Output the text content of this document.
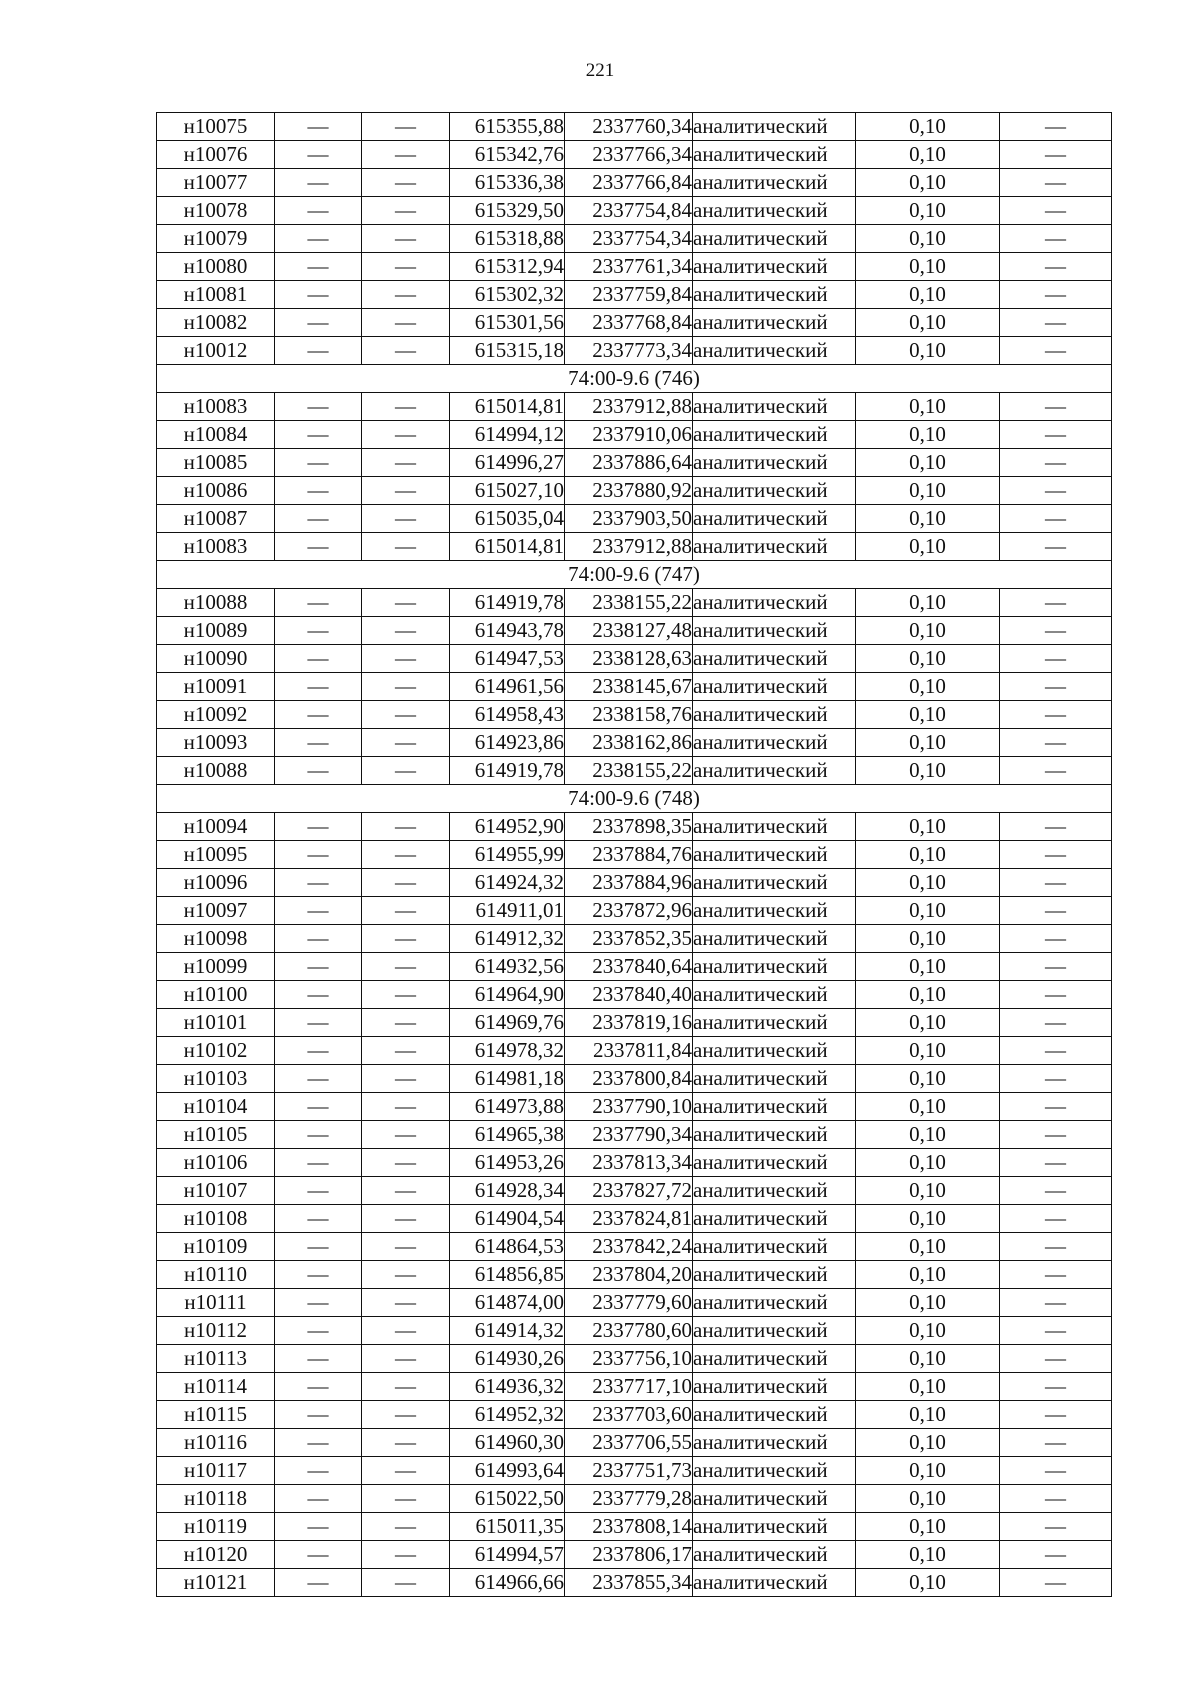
221
н10075	—	—	615355,88	2337760,34	аналитический	0,10	—
н10076	—	—	615342,76	2337766,34	аналитический	0,10	—
н10077	—	—	615336,38	2337766,84	аналитический	0,10	—
н10078	—	—	615329,50	2337754,84	аналитический	0,10	—
н10079	—	—	615318,88	2337754,34	аналитический	0,10	—
н10080	—	—	615312,94	2337761,34	аналитический	0,10	—
н10081	—	—	615302,32	2337759,84	аналитический	0,10	—
н10082	—	—	615301,56	2337768,84	аналитический	0,10	—
н10012	—	—	615315,18	2337773,34	аналитический	0,10	—
74:00-9.6 (746)							
н10083	—	—	615014,81	2337912,88	аналитический	0,10	—
н10084	—	—	614994,12	2337910,06	аналитический	0,10	—
н10085	—	—	614996,27	2337886,64	аналитический	0,10	—
н10086	—	—	615027,10	2337880,92	аналитический	0,10	—
н10087	—	—	615035,04	2337903,50	аналитический	0,10	—
н10083	—	—	615014,81	2337912,88	аналитический	0,10	—
74:00-9.6 (747)							
н10088	—	—	614919,78	2338155,22	аналитический	0,10	—
н10089	—	—	614943,78	2338127,48	аналитический	0,10	—
н10090	—	—	614947,53	2338128,63	аналитический	0,10	—
н10091	—	—	614961,56	2338145,67	аналитический	0,10	—
н10092	—	—	614958,43	2338158,76	аналитический	0,10	—
н10093	—	—	614923,86	2338162,86	аналитический	0,10	—
н10088	—	—	614919,78	2338155,22	аналитический	0,10	—
74:00-9.6 (748)							
н10094	—	—	614952,90	2337898,35	аналитический	0,10	—
н10095	—	—	614955,99	2337884,76	аналитический	0,10	—
н10096	—	—	614924,32	2337884,96	аналитический	0,10	—
н10097	—	—	614911,01	2337872,96	аналитический	0,10	—
н10098	—	—	614912,32	2337852,35	аналитический	0,10	—
н10099	—	—	614932,56	2337840,64	аналитический	0,10	—
н10100	—	—	614964,90	2337840,40	аналитический	0,10	—
н10101	—	—	614969,76	2337819,16	аналитический	0,10	—
н10102	—	—	614978,32	2337811,84	аналитический	0,10	—
н10103	—	—	614981,18	2337800,84	аналитический	0,10	—
н10104	—	—	614973,88	2337790,10	аналитический	0,10	—
н10105	—	—	614965,38	2337790,34	аналитический	0,10	—
н10106	—	—	614953,26	2337813,34	аналитический	0,10	—
н10107	—	—	614928,34	2337827,72	аналитический	0,10	—
н10108	—	—	614904,54	2337824,81	аналитический	0,10	—
н10109	—	—	614864,53	2337842,24	аналитический	0,10	—
н10110	—	—	614856,85	2337804,20	аналитический	0,10	—
н10111	—	—	614874,00	2337779,60	аналитический	0,10	—
н10112	—	—	614914,32	2337780,60	аналитический	0,10	—
н10113	—	—	614930,26	2337756,10	аналитический	0,10	—
н10114	—	—	614936,32	2337717,10	аналитический	0,10	—
н10115	—	—	614952,32	2337703,60	аналитический	0,10	—
н10116	—	—	614960,30	2337706,55	аналитический	0,10	—
н10117	—	—	614993,64	2337751,73	аналитический	0,10	—
н10118	—	—	615022,50	2337779,28	аналитический	0,10	—
н10119	—	—	615011,35	2337808,14	аналитический	0,10	—
н10120	—	—	614994,57	2337806,17	аналитический	0,10	—
н10121	—	—	614966,66	2337855,34	аналитический	0,10	—
